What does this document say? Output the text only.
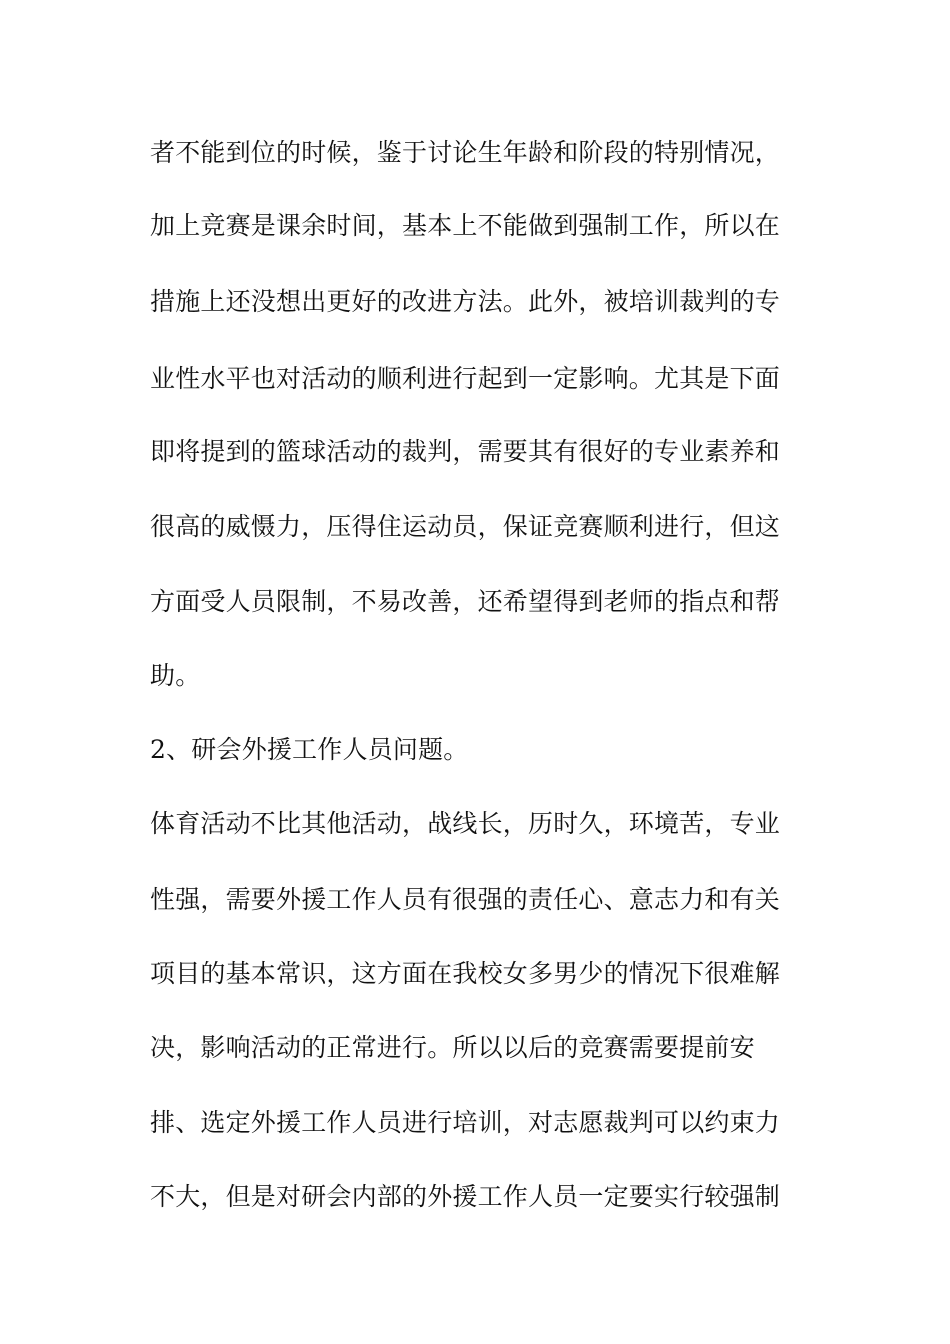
者不能到位的时候，鉴于讨论生年龄和阶段的特别情况，
加上竞赛是课余时间，基本上不能做到强制工作，所以在
措施上还没想出更好的改进方法。此外，被培训裁判的专
业性水平也对活动的顺利进行起到一定影响。尤其是下面
即将提到的篮球活动的裁判，需要其有很好的专业素养和
很高的威慑力，压得住运动员，保证竞赛顺利进行，但这
方面受人员限制，不易改善，还希望得到老师的指点和帮
助。
2、研会外援工作人员问题。
体育活动不比其他活动，战线长，历时久，环境苦，专业
性强，需要外援工作人员有很强的责任心、意志力和有关
项目的基本常识，这方面在我校女多男少的情况下很难解
决，影响活动的正常进行。所以以后的竞赛需要提前安
排、选定外援工作人员进行培训，对志愿裁判可以约束力
不大，但是对研会内部的外援工作人员一定要实行较强制
